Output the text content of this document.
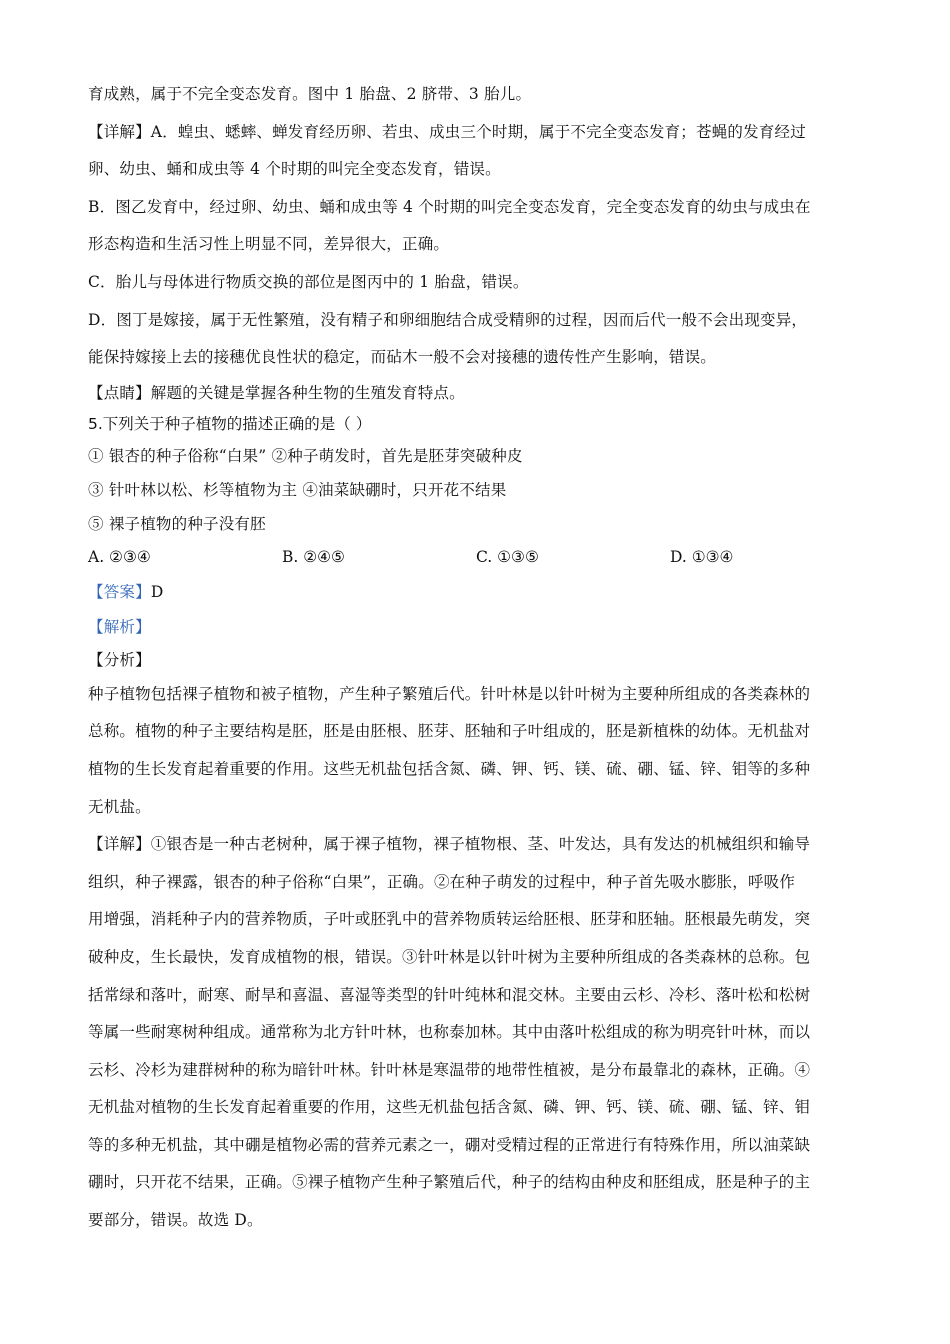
育成熟，属于不完全变态发育。图中 1 胎盘、2 脐带、3 胎儿。
【详解】A．蝗虫、蟋蟀、蝉发育经历卵、若虫、成虫三个时期，属于不完全变态发育；苍蝇的发育经过
卵、幼虫、蛹和成虫等 4 个时期的叫完全变态发育，错误。
B．图乙发育中，经过卵、幼虫、蛹和成虫等 4 个时期的叫完全变态发育，完全变态发育的幼虫与成虫在
形态构造和生活习性上明显不同，差异很大，正确。
C．胎儿与母体进行物质交换的部位是图丙中的 1 胎盘，错误。
D．图丁是嫁接，属于无性繁殖，没有精子和卵细胞结合成受精卵的过程，因而后代一般不会出现变异，
能保持嫁接上去的接穗优良性状的稳定，而砧木一般不会对接穗的遗传性产生影响，错误。
【点睛】解题的关键是掌握各种生物的生殖发育特点。
5.下列关于种子植物的描述正确的是（ ）
① 银杏的种子俗称“白果” ②种子萌发时，首先是胚芽突破种皮
③ 针叶林以松、杉等植物为主 ④油菜缺硼时，只开花不结果
⑤ 裸子植物的种子没有胚
A. ②③④	B. ②④⑤	C. ①③⑤	D. ①③④
【答案】D
【解析】
【分析】
种子植物包括裸子植物和被子植物，产生种子繁殖后代。针叶林是以针叶树为主要种所组成的各类森林的
总称。植物的种子主要结构是胚，胚是由胚根、胚芽、胚轴和子叶组成的，胚是新植株的幼体。无机盐对
植物的生长发育起着重要的作用。这些无机盐包括含氮、磷、钾、钙、镁、硫、硼、锰、锌、钼等的多种
无机盐。
【详解】①银杏是一种古老树种，属于裸子植物，裸子植物根、茎、叶发达，具有发达的机械组织和输导
组织，种子裸露，银杏的种子俗称“白果”，正确。②在种子萌发的过程中，种子首先吸水膨胀，呼吸作
用增强，消耗种子内的营养物质，子叶或胚乳中的营养物质转运给胚根、胚芽和胚轴。胚根最先萌发，突
破种皮，生长最快，发育成植物的根，错误。③针叶林是以针叶树为主要种所组成的各类森林的总称。包
括常绿和落叶，耐寒、耐旱和喜温、喜湿等类型的针叶纯林和混交林。主要由云杉、冷杉、落叶松和松树
等属一些耐寒树种组成。通常称为北方针叶林，也称泰加林。其中由落叶松组成的称为明亮针叶林，而以
云杉、冷杉为建群树种的称为暗针叶林。针叶林是寒温带的地带性植被，是分布最靠北的森林，正确。④
无机盐对植物的生长发育起着重要的作用，这些无机盐包括含氮、磷、钾、钙、镁、硫、硼、锰、锌、钼
等的多种无机盐，其中硼是植物必需的营养元素之一，硼对受精过程的正常进行有特殊作用，所以油菜缺
硼时，只开花不结果，正确。⑤裸子植物产生种子繁殖后代，种子的结构由种皮和胚组成，胚是种子的主
要部分，错误。故选 D。
